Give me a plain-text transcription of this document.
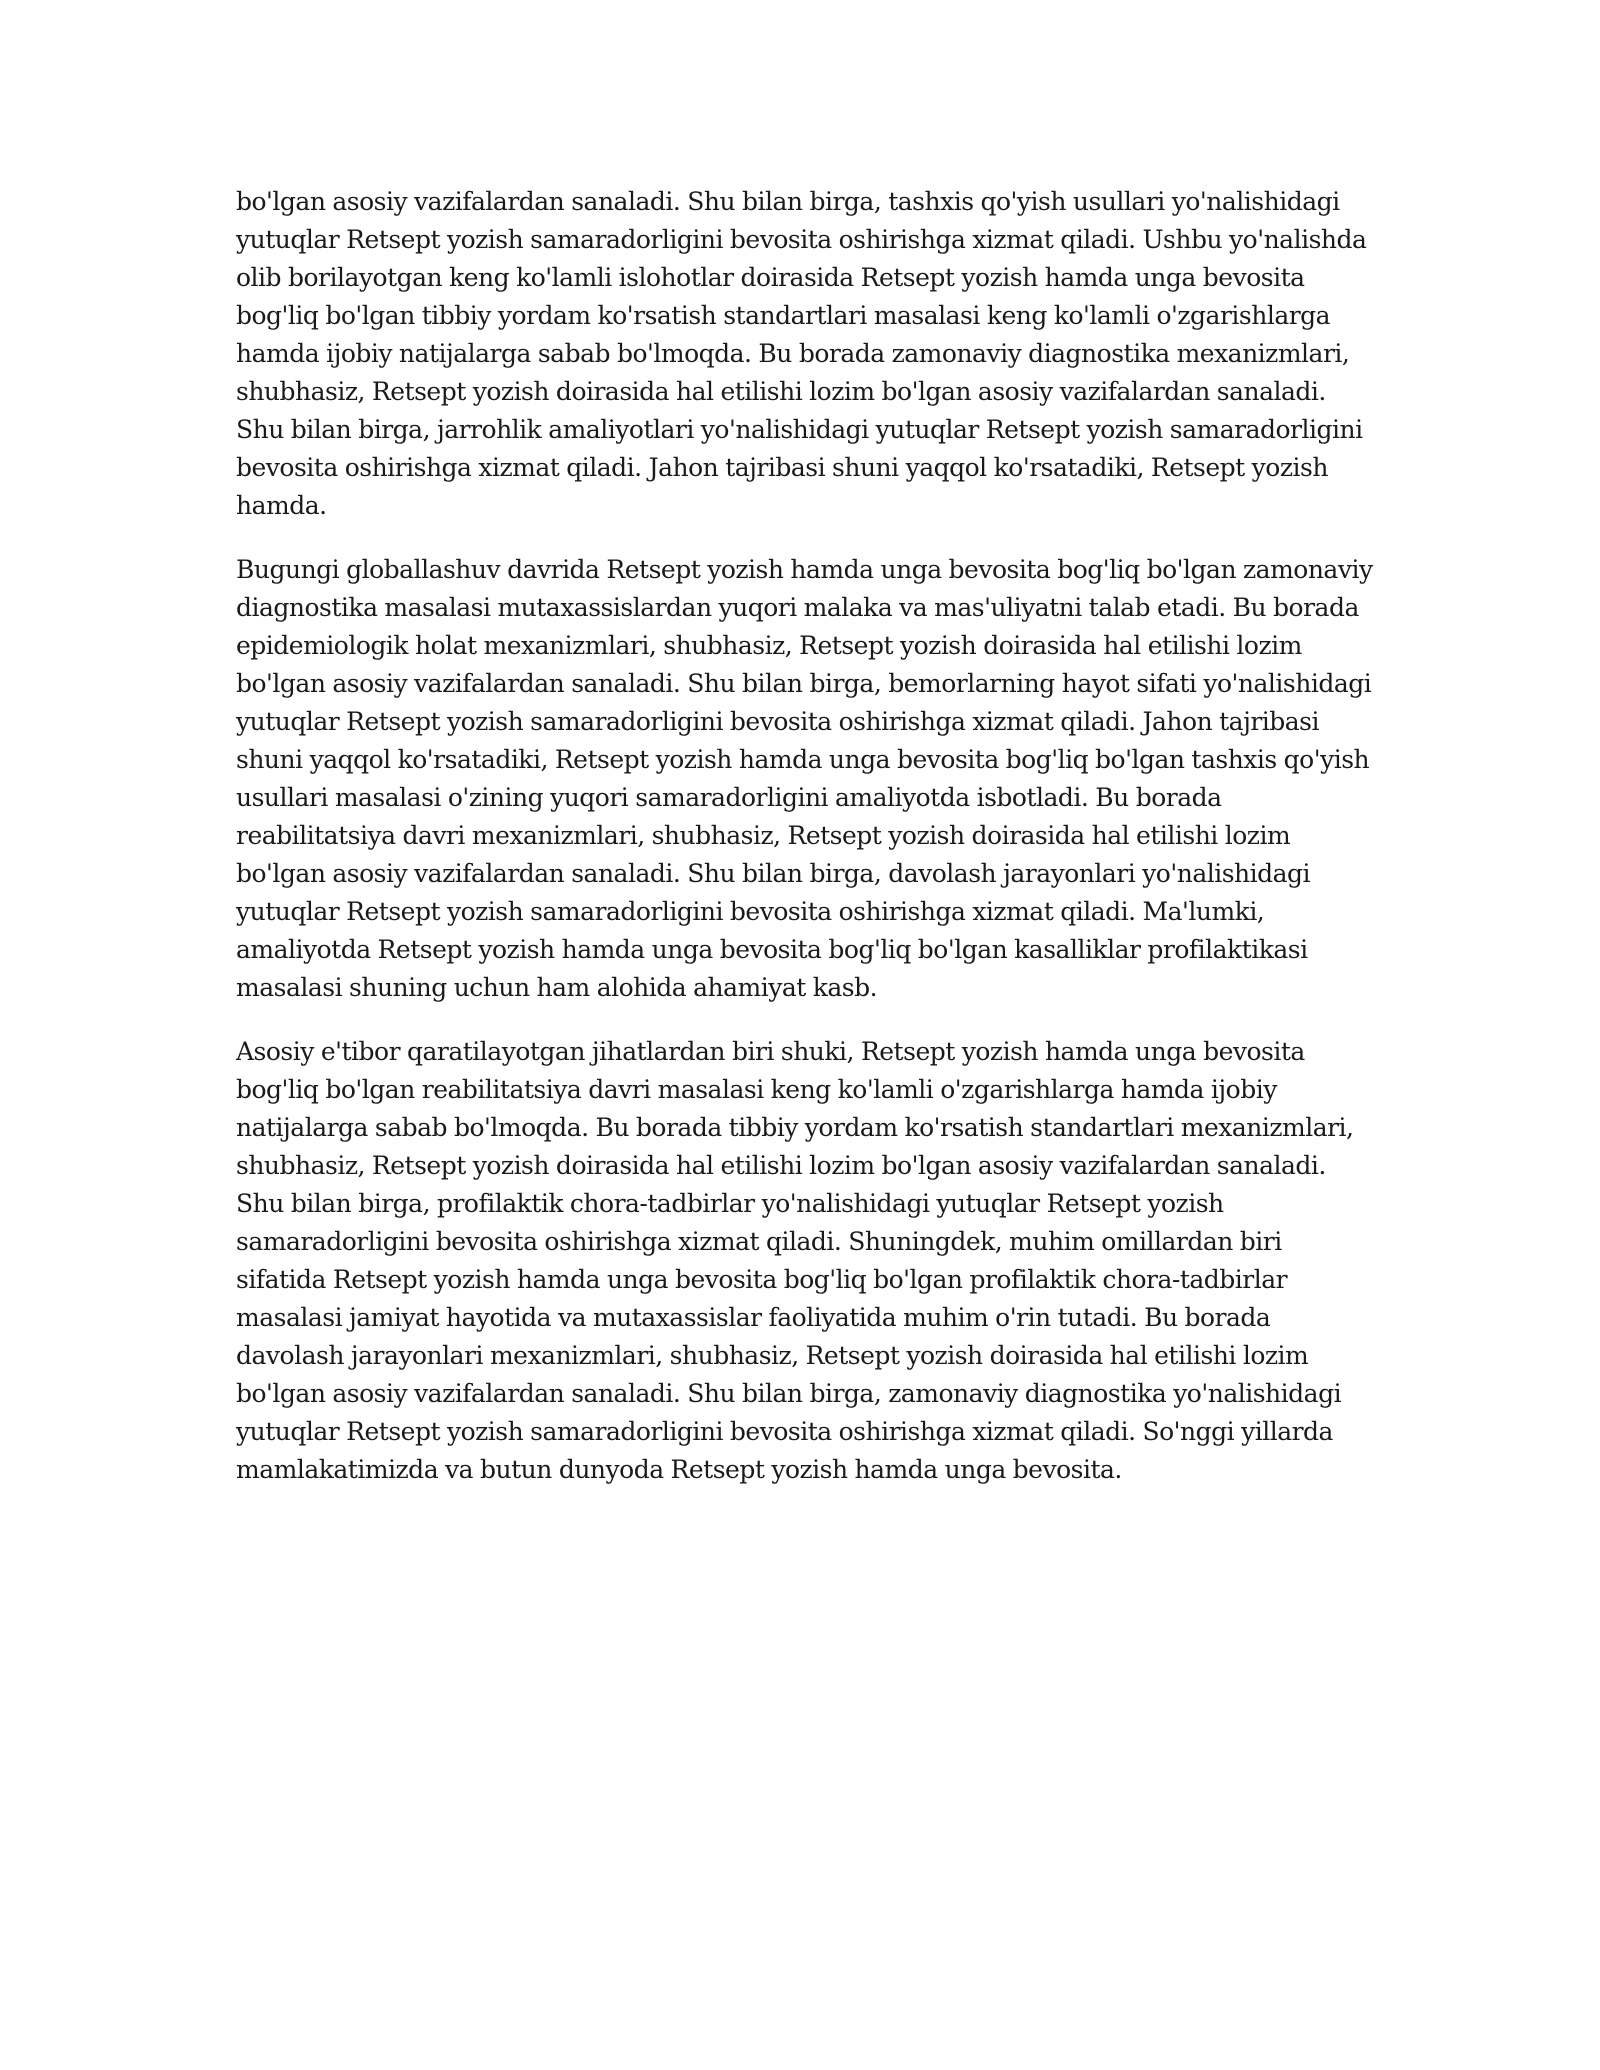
bo'lgan asosiy vazifalardan sanaladi. Shu bilan birga, tashxis qo'yish usullari yo'nalishidagi yutuqlar Retsept yozish samaradorligini bevosita oshirishga xizmat qiladi. Ushbu yo'nalishda olib borilayotgan keng ko'lamli islohotlar doirasida Retsept yozish hamda unga bevosita bog'liq bo'lgan tibbiy yordam ko'rsatish standartlari masalasi keng ko'lamli o'zgarishlarga hamda ijobiy natijalarga sabab bo'lmoqda. Bu borada zamonaviy diagnostika mexanizmlari, shubhasiz, Retsept yozish doirasida hal etilishi lozim bo'lgan asosiy vazifalardan sanaladi. Shu bilan birga, jarrohlik amaliyotlari yo'nalishidagi yutuqlar Retsept yozish samaradorligini bevosita oshirishga xizmat qiladi. Jahon tajribasi shuni yaqqol ko'rsatadiki, Retsept yozish hamda.

Bugungi globallashuv davrida Retsept yozish hamda unga bevosita bog'liq bo'lgan zamonaviy diagnostika masalasi mutaxassislardan yuqori malaka va mas'uliyatni talab etadi. Bu borada epidemiologik holat mexanizmlari, shubhasiz, Retsept yozish doirasida hal etilishi lozim bo'lgan asosiy vazifalardan sanaladi. Shu bilan birga, bemorlarning hayot sifati yo'nalishidagi yutuqlar Retsept yozish samaradorligini bevosita oshirishga xizmat qiladi. Jahon tajribasi shuni yaqqol ko'rsatadiki, Retsept yozish hamda unga bevosita bog'liq bo'lgan tashxis qo'yish usullari masalasi o'zining yuqori samaradorligini amaliyotda isbotladi. Bu borada reabilitatsiya davri mexanizmlari, shubhasiz, Retsept yozish doirasida hal etilishi lozim bo'lgan asosiy vazifalardan sanaladi. Shu bilan birga, davolash jarayonlari yo'nalishidagi yutuqlar Retsept yozish samaradorligini bevosita oshirishga xizmat qiladi. Ma'lumki, amaliyotda Retsept yozish hamda unga bevosita bog'liq bo'lgan kasalliklar profilaktikasi masalasi shuning uchun ham alohida ahamiyat kasb.

Asosiy e'tibor qaratilayotgan jihatlardan biri shuki, Retsept yozish hamda unga bevosita bog'liq bo'lgan reabilitatsiya davri masalasi keng ko'lamli o'zgarishlarga hamda ijobiy natijalarga sabab bo'lmoqda. Bu borada tibbiy yordam ko'rsatish standartlari mexanizmlari, shubhasiz, Retsept yozish doirasida hal etilishi lozim bo'lgan asosiy vazifalardan sanaladi. Shu bilan birga, profilaktik chora-tadbirlar yo'nalishidagi yutuqlar Retsept yozish samaradorligini bevosita oshirishga xizmat qiladi. Shuningdek, muhim omillardan biri sifatida Retsept yozish hamda unga bevosita bog'liq bo'lgan profilaktik chora-tadbirlar masalasi jamiyat hayotida va mutaxassislar faoliyatida muhim o'rin tutadi. Bu borada davolash jarayonlari mexanizmlari, shubhasiz, Retsept yozish doirasida hal etilishi lozim bo'lgan asosiy vazifalardan sanaladi. Shu bilan birga, zamonaviy diagnostika yo'nalishidagi yutuqlar Retsept yozish samaradorligini bevosita oshirishga xizmat qiladi. So'nggi yillarda mamlakatimizda va butun dunyoda Retsept yozish hamda unga bevosita.
